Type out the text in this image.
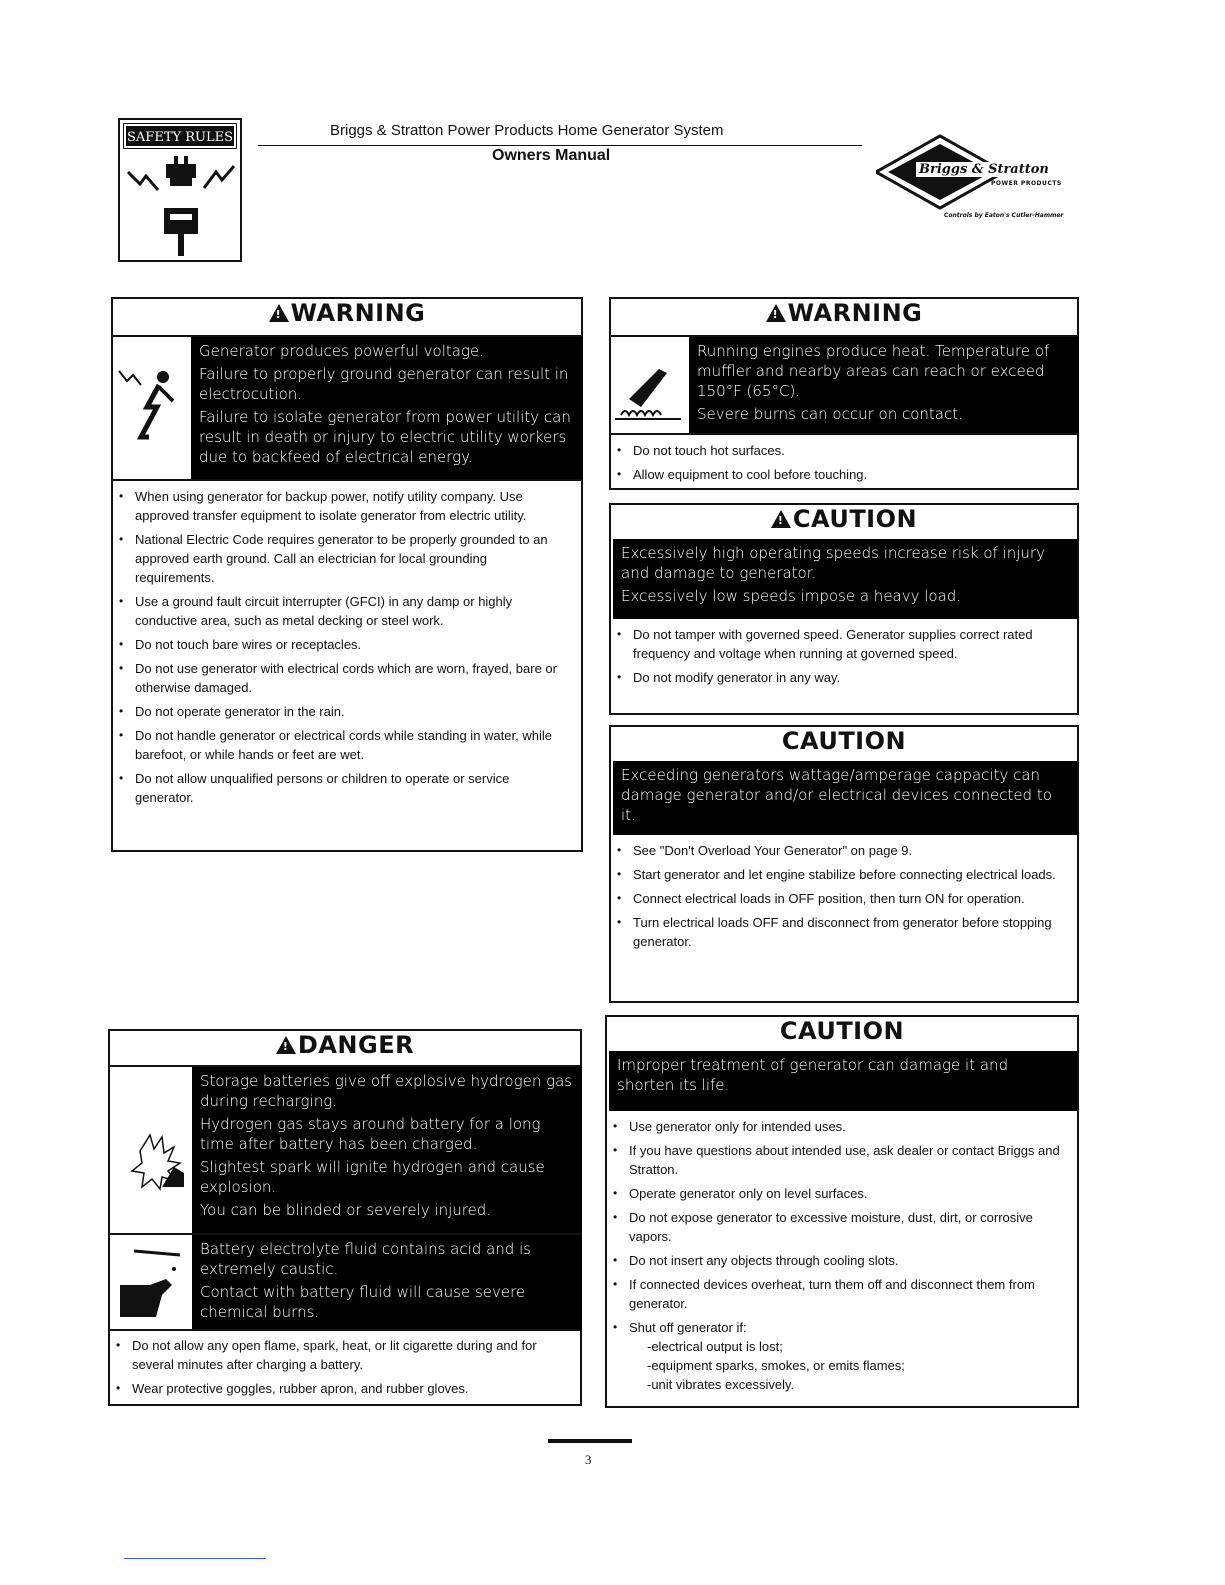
SAFETY RULES	Briggs & Stratton Power Products Home Generator System
Owners Manual
Briggs & Stratton
POWER PRODUCTS
Controls by Eaton's Cutler-Hammer
!WARNING

Generator produces powerful voltage.

Failure to properly ground generator can result in electrocution.

Failure to isolate generator from power utility can result in death or injury to electric utility workers due to backfeed of electrical energy.

• When using generator for backup power, notify utility company. Use approved transfer equipment to isolate generator from electric utility.
• National Electric Code requires generator to be properly grounded to an approved earth ground. Call an electrician for local grounding requirements.
• Use a ground fault circuit interrupter (GFCI) in any damp or highly conductive area, such as metal decking or steel work.
• Do not touch bare wires or receptacles.
• Do not use generator with electrical cords which are worn, frayed, bare or otherwise damaged.
• Do not operate generator in the rain.
• Do not handle generator or electrical cords while standing in water, while barefoot, or while hands or feet are wet.
• Do not allow unqualified persons or children to operate or service generator.
!WARNING

Running engines produce heat. Temperature of muffler and nearby areas can reach or exceed 150°F (65°C).

Severe burns can occur on contact.

• Do not touch hot surfaces.
• Allow equipment to cool before touching.
!CAUTION

Excessively high operating speeds increase risk of injury and damage to generator.

Excessively low speeds impose a heavy load.

• Do not tamper with governed speed. Generator supplies correct rated frequency and voltage when running at governed speed.
• Do not modify generator in any way.
CAUTION

Exceeding generators wattage/amperage cappacity can damage generator and/or electrical devices connected to it.

• See "Don't Overload Your Generator" on page 9.
• Start generator and let engine stabilize before connecting electrical loads.
• Connect electrical loads in OFF position, then turn ON for operation.
• Turn electrical loads OFF and disconnect from generator before stopping generator.
!DANGER

Storage batteries give off explosive hydrogen gas during recharging.

Hydrogen gas stays around battery for a long time after battery has been charged.

Slightest spark will ignite hydrogen and cause explosion.

You can be blinded or severely injured.

Battery electrolyte fluid contains acid and is extremely caustic.

Contact with battery fluid will cause severe chemical burns.

• Do not allow any open flame, spark, heat, or lit cigarette during and for several minutes after charging a battery.
• Wear protective goggles, rubber apron, and rubber gloves.
CAUTION

Improper treatment of generator can damage it and shorten its life.

• Use generator only for intended uses.
• If you have questions about intended use, ask dealer or contact Briggs and Stratton.
• Operate generator only on level surfaces.
• Do not expose generator to excessive moisture, dust, dirt, or corrosive vapors.
• Do not insert any objects through cooling slots.
• If connected devices overheat, turn them off and disconnect them from generator.
• Shut off generator if:
-electrical output is lost;
-equipment sparks, smokes, or emits flames;
-unit vibrates excessively.
3
